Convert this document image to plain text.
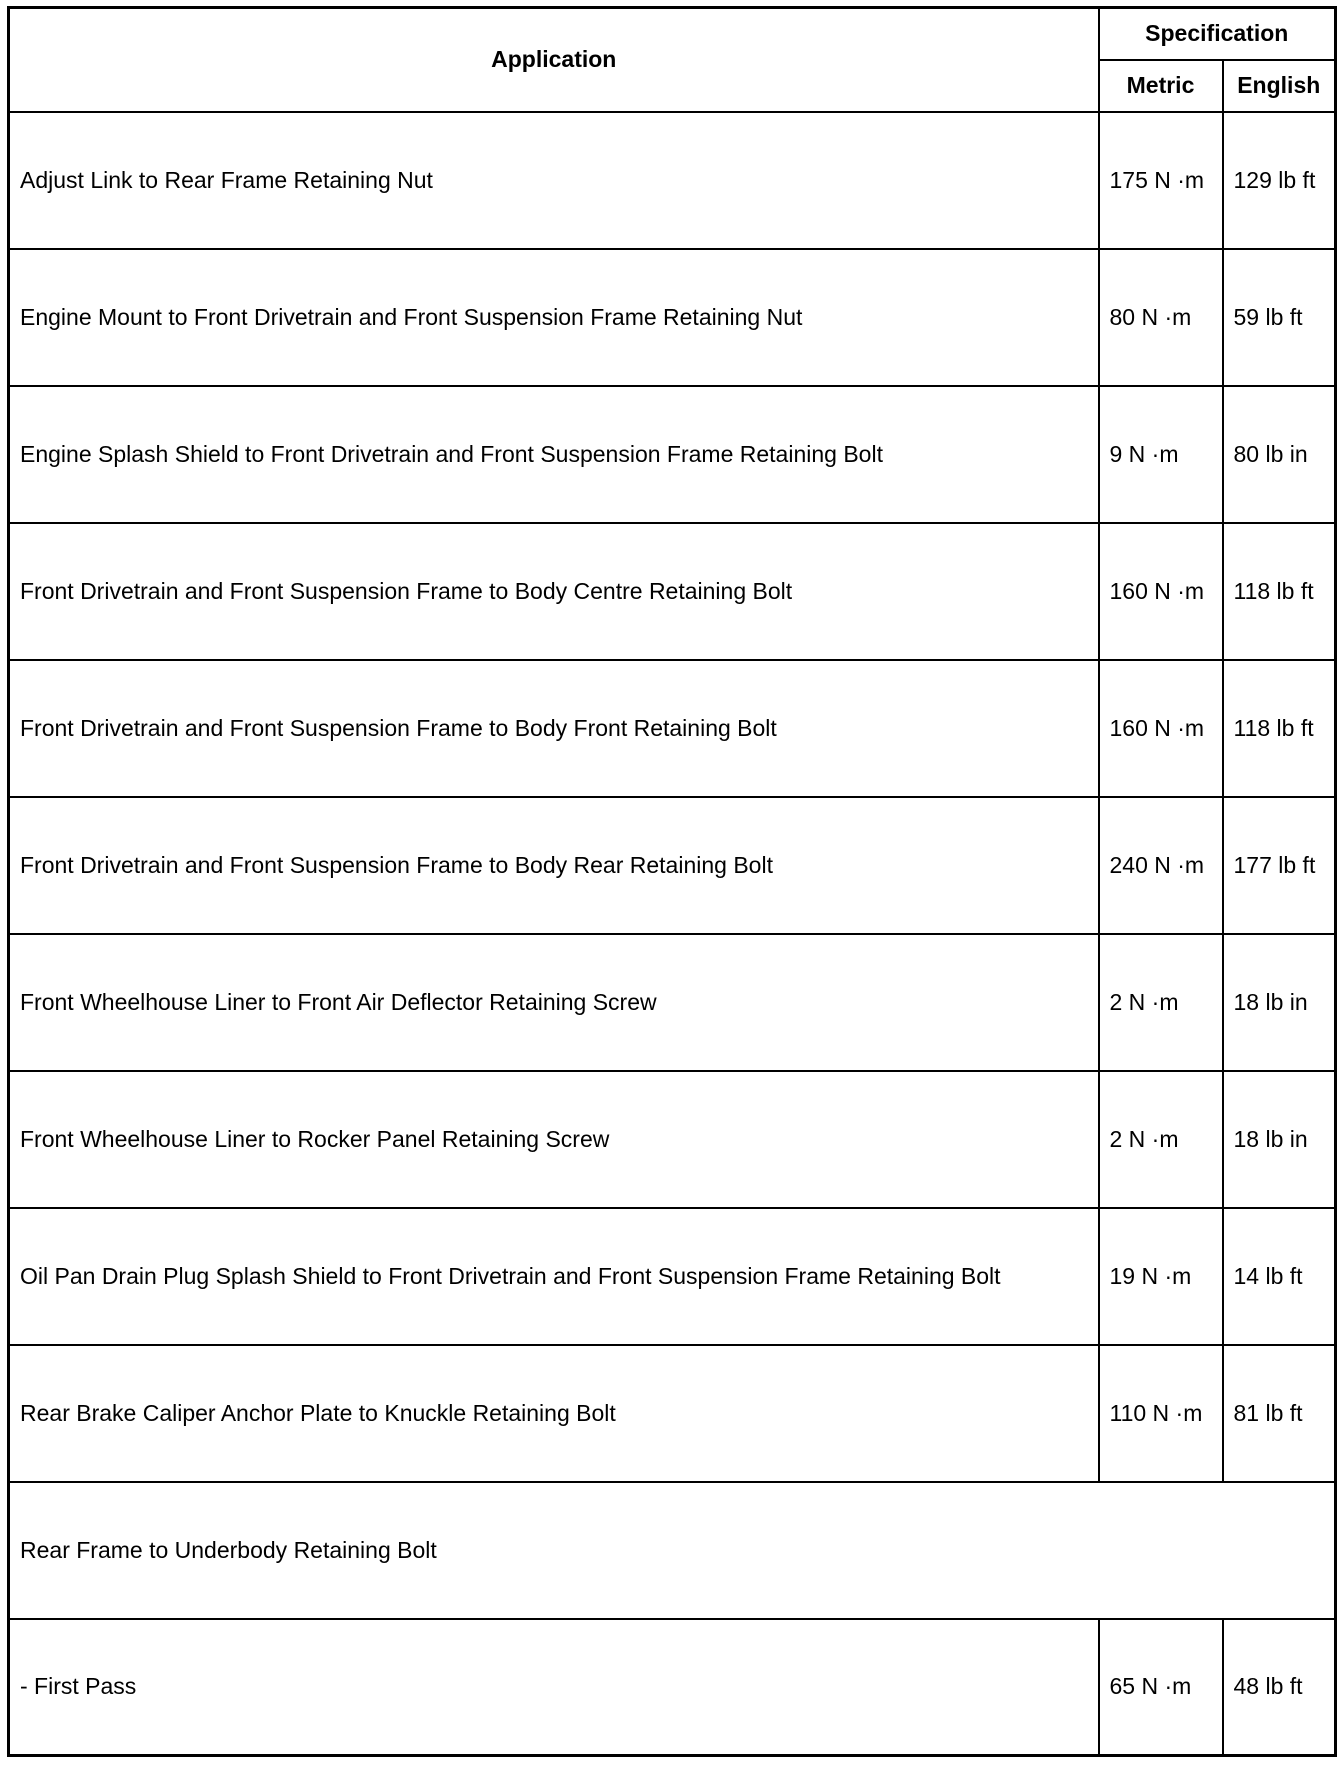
Application	Specification	
	Metric	English
Adjust Link to Rear Frame Retaining Nut	175 N ·m	129 lb ft
Engine Mount to Front Drivetrain and Front Suspension Frame Retaining Nut	80 N ·m	59 lb ft
Engine Splash Shield to Front Drivetrain and Front Suspension Frame Retaining Bolt	9 N ·m	80 lb in
Front Drivetrain and Front Suspension Frame to Body Centre Retaining Bolt	160 N ·m	118 lb ft
Front Drivetrain and Front Suspension Frame to Body Front Retaining Bolt	160 N ·m	118 lb ft
Front Drivetrain and Front Suspension Frame to Body Rear Retaining Bolt	240 N ·m	177 lb ft
Front Wheelhouse Liner to Front Air Deflector Retaining Screw	2 N ·m	18 lb in
Front Wheelhouse Liner to Rocker Panel Retaining Screw	2 N ·m	18 lb in
Oil Pan Drain Plug Splash Shield to Front Drivetrain and Front Suspension Frame Retaining Bolt	19 N ·m	14 lb ft
Rear Brake Caliper Anchor Plate to Knuckle Retaining Bolt	110 N ·m	81 lb ft
Rear Frame to Underbody Retaining Bolt		
- First Pass	65 N ·m	48 lb ft
